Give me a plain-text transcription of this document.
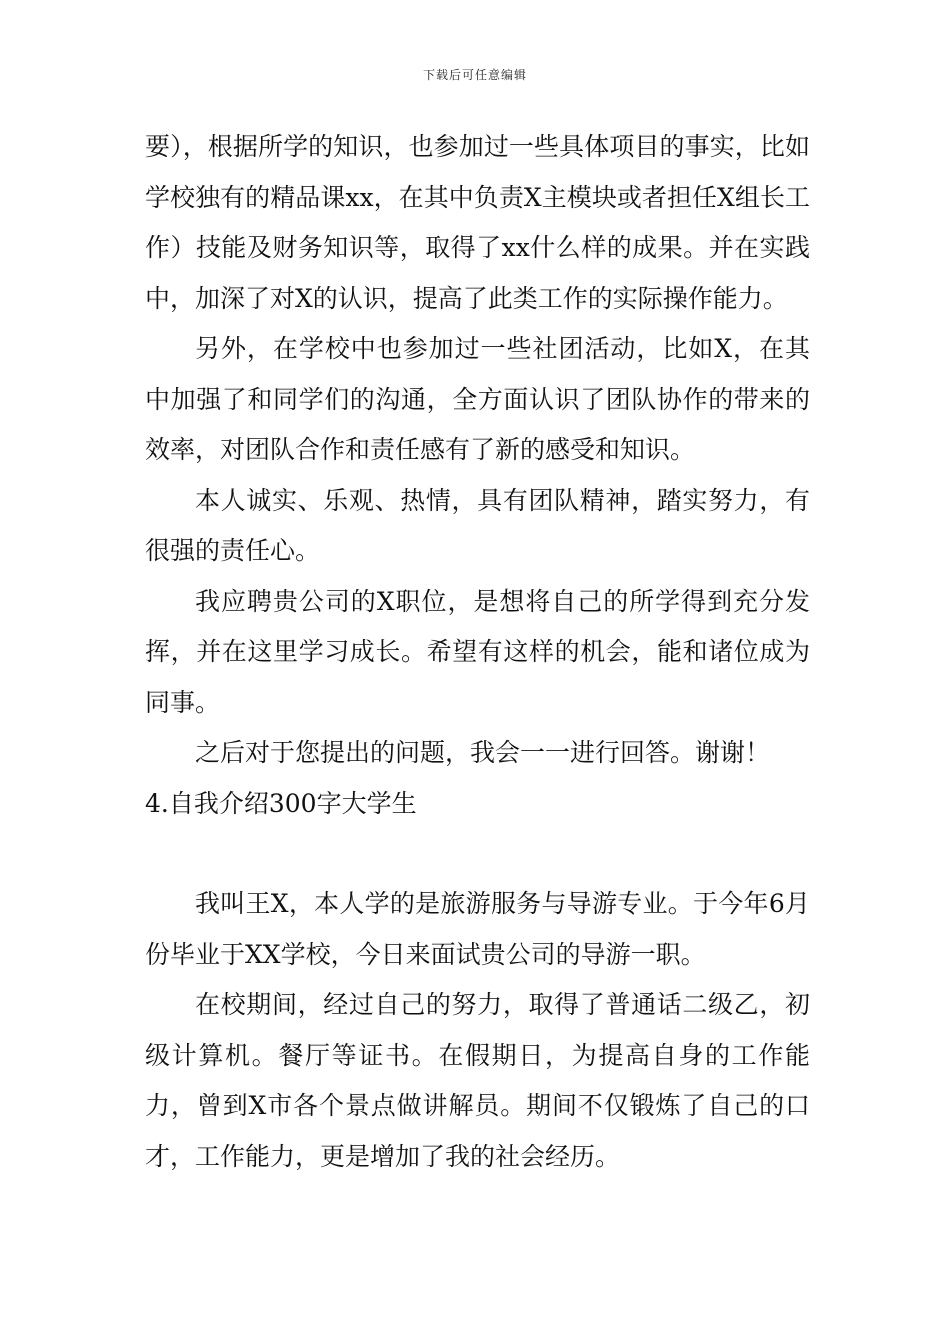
下载后可任意编辑

要），根据所学的知识，也参加过一些具体项目的事实，比如学校独有的精品课xx，在其中负责X主模块或者担任X组长工作）技能及财务知识等，取得了xx什么样的成果。并在实践中，加深了对X的认识，提高了此类工作的实际操作能力。

另外，在学校中也参加过一些社团活动，比如X，在其中加强了和同学们的沟通，全方面认识了团队协作的带来的效率，对团队合作和责任感有了新的感受和知识。

本人诚实、乐观、热情，具有团队精神，踏实努力，有很强的责任心。

我应聘贵公司的X职位，是想将自己的所学得到充分发挥，并在这里学习成长。希望有这样的机会，能和诸位成为同事。

之后对于您提出的问题，我会一一进行回答。谢谢！

4.自我介绍300字大学生

我叫王X，本人学的是旅游服务与导游专业。于今年6月份毕业于XX学校，今日来面试贵公司的导游一职。

在校期间，经过自己的努力，取得了普通话二级乙，初级计算机。餐厅等证书。在假期日，为提高自身的工作能力，曾到X市各个景点做讲解员。期间不仅锻炼了自己的口才，工作能力，更是增加了我的社会经历。
